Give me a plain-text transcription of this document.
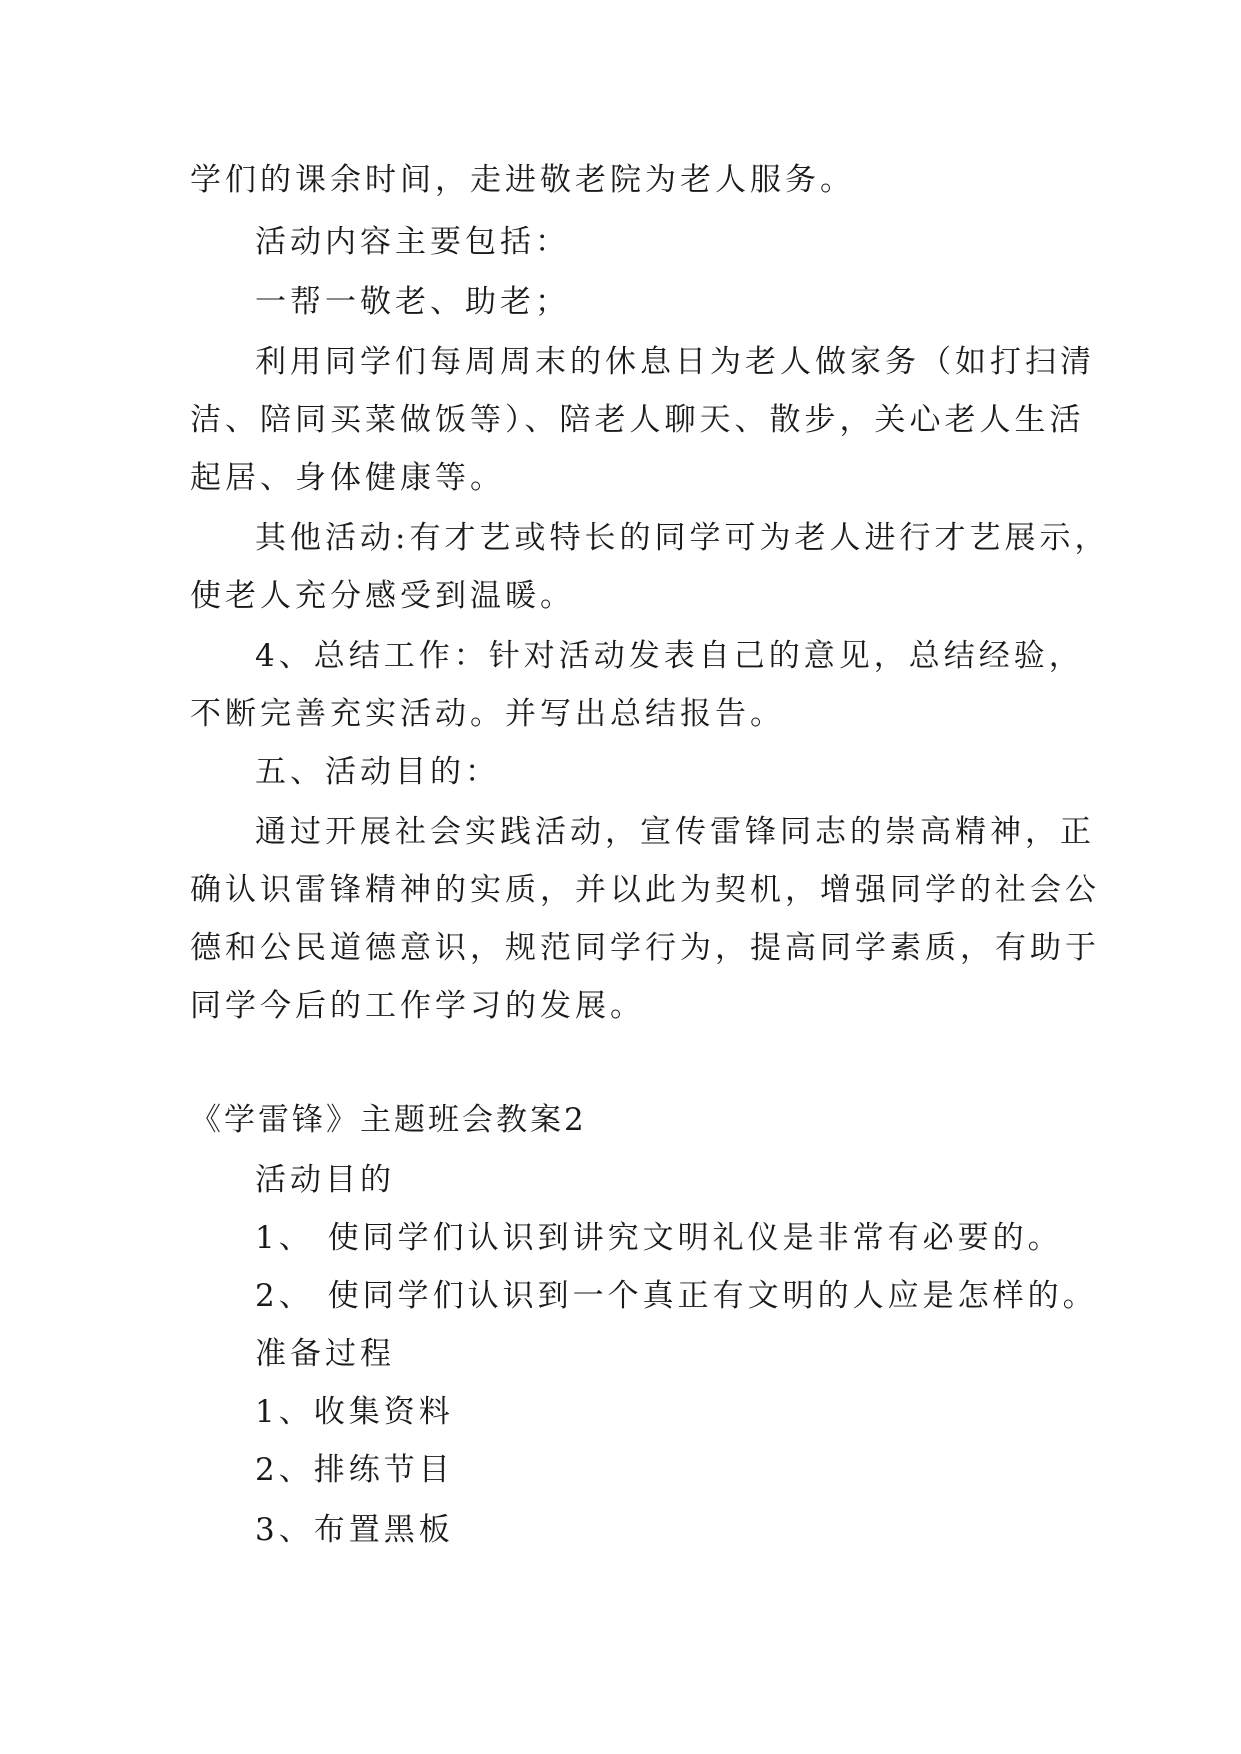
学们的课余时间，走进敬老院为老人服务。
活动内容主要包括：
一帮一敬老、助老；
利用同学们每周周末的休息日为老人做家务（如打扫清
洁、陪同买菜做饭等）、陪老人聊天、散步，关心老人生活
起居、身体健康等。
其他活动:有才艺或特长的同学可为老人进行才艺展示，
使老人充分感受到温暖。
4、总结工作：针对活动发表自己的意见，总结经验，
不断完善充实活动。并写出总结报告。
五、活动目的：
通过开展社会实践活动，宣传雷锋同志的崇高精神，正
确认识雷锋精神的实质，并以此为契机，增强同学的社会公
德和公民道德意识，规范同学行为，提高同学素质，有助于
同学今后的工作学习的发展。
《学雷锋》主题班会教案2
活动目的
1、 使同学们认识到讲究文明礼仪是非常有必要的。
2、 使同学们认识到一个真正有文明的人应是怎样的。
准备过程
1、收集资料
2、排练节目
3、布置黑板
